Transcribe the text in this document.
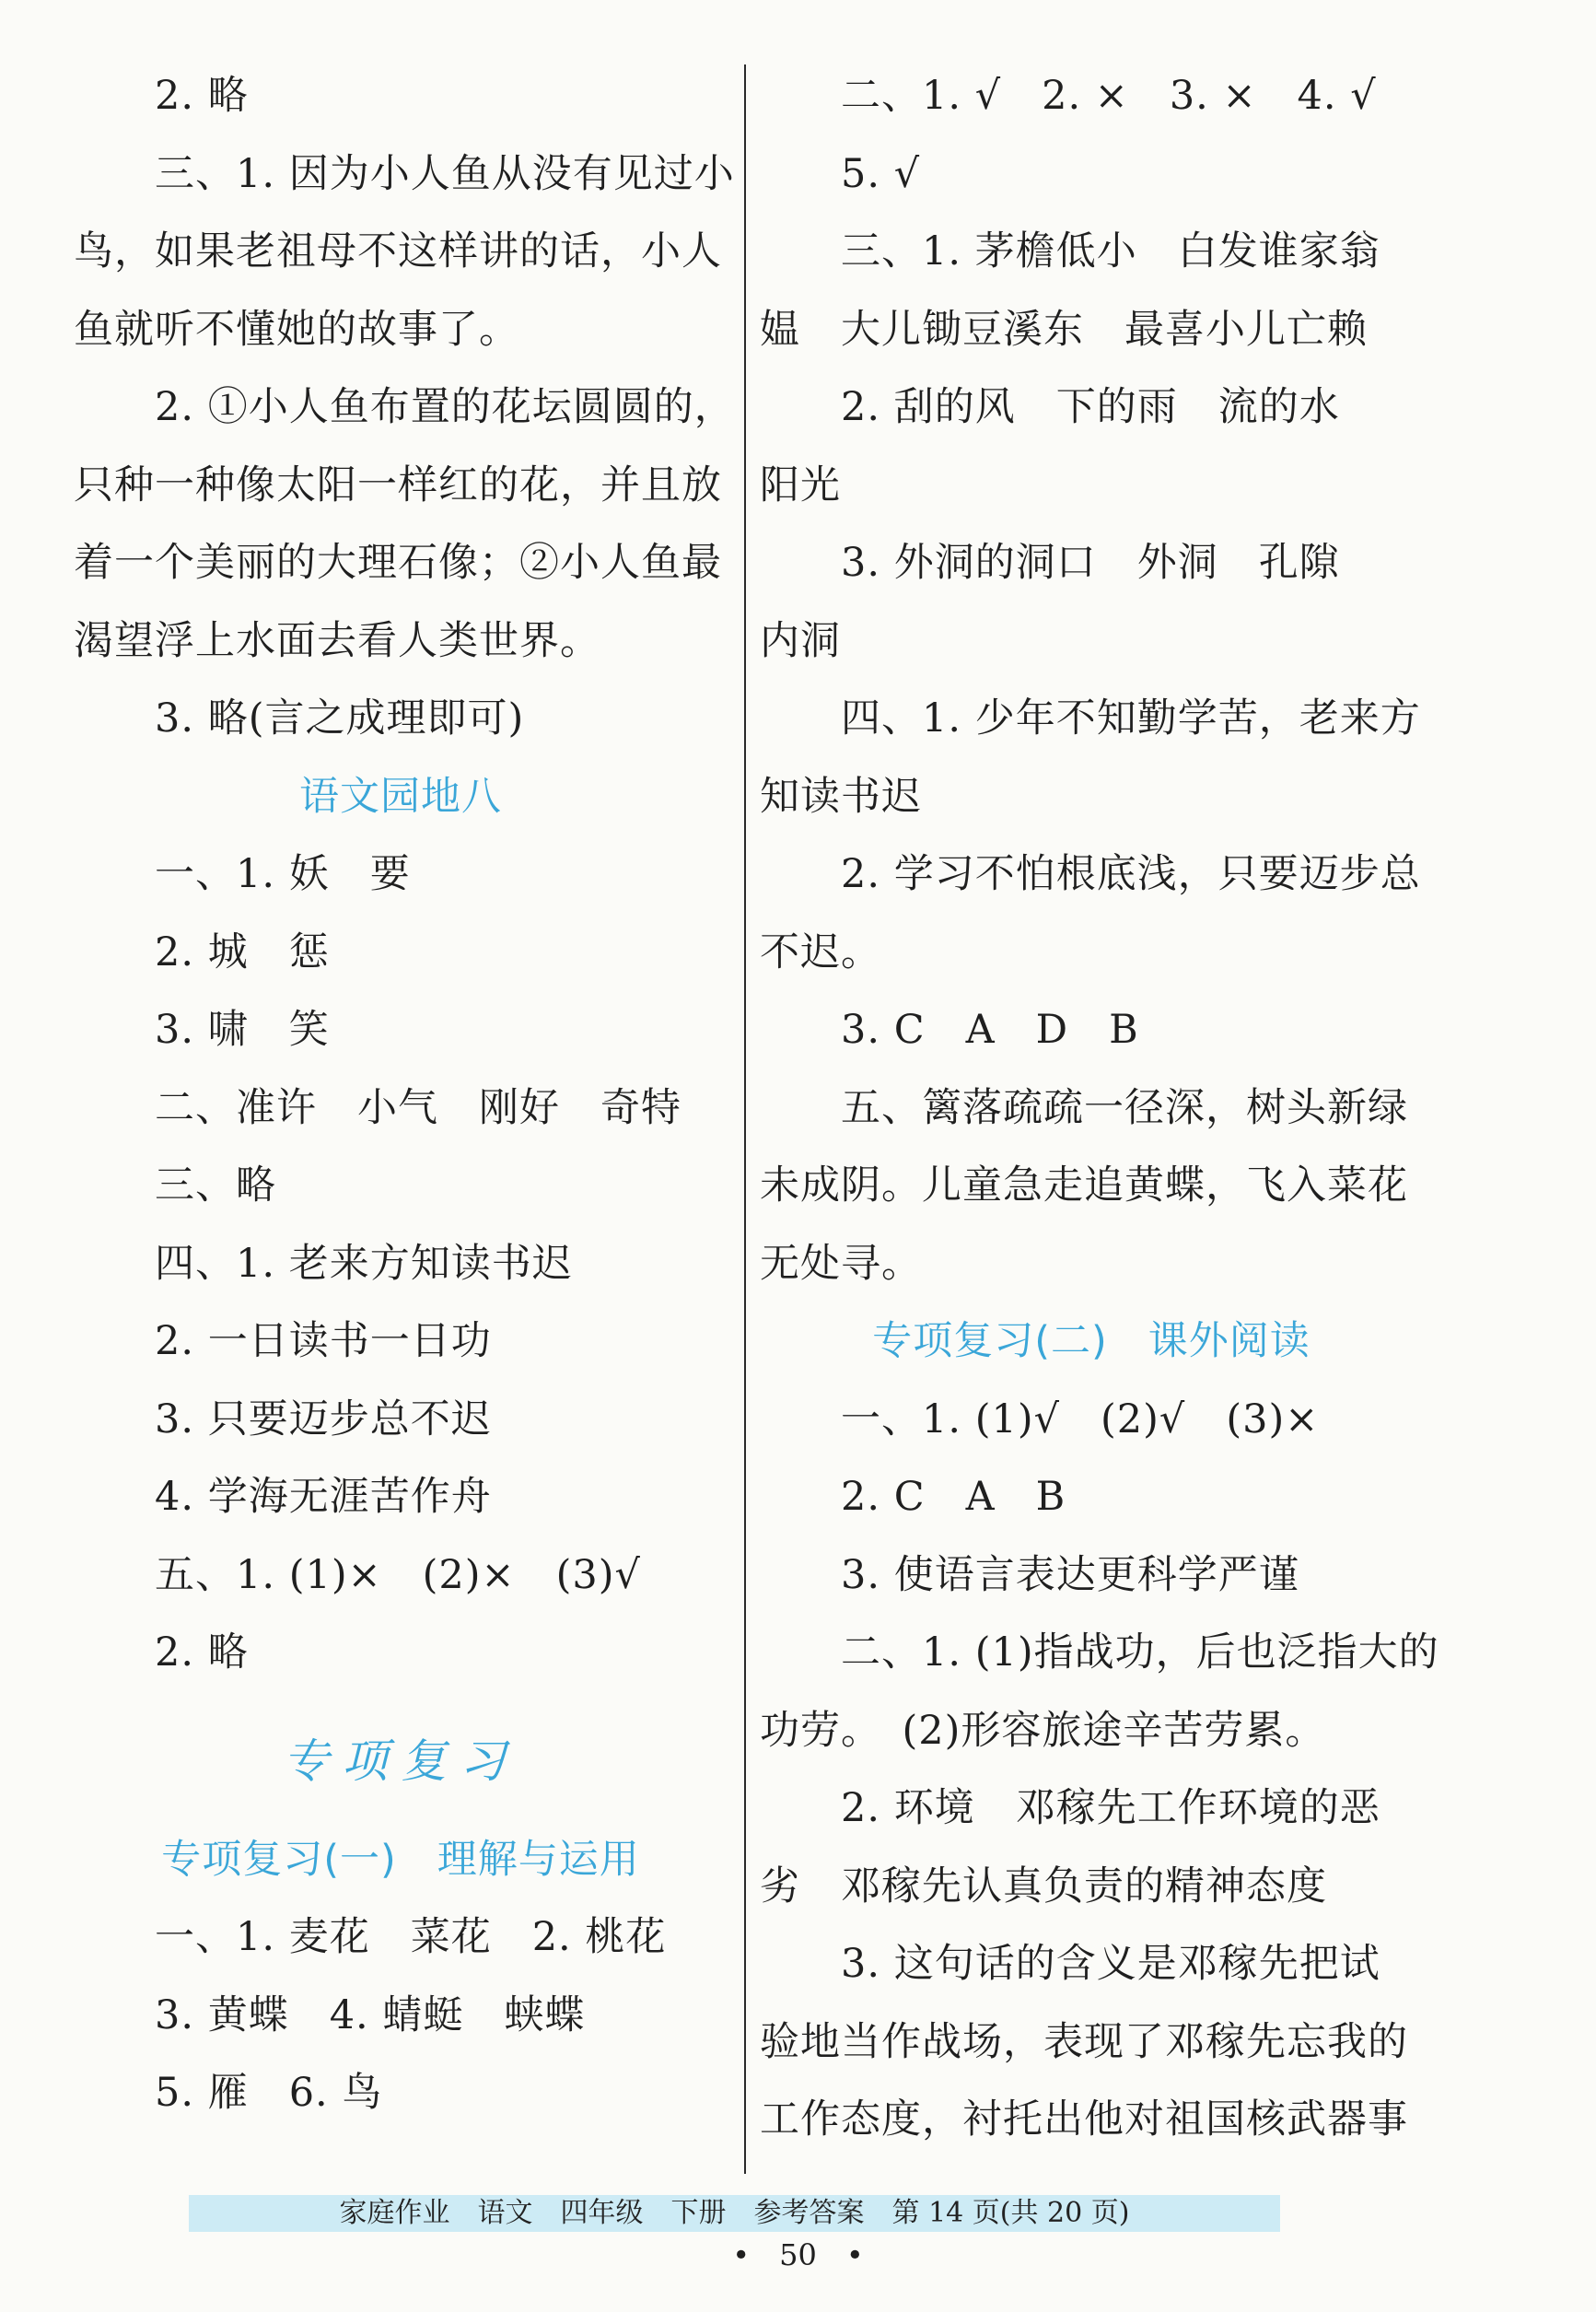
2. 略
三、1. 因为小人鱼从没有见过小
鸟，如果老祖母不这样讲的话，小人
鱼就听不懂她的故事了。
2. ①小人鱼布置的花坛圆圆的，
只种一种像太阳一样红的花，并且放
着一个美丽的大理石像；②小人鱼最
渴望浮上水面去看人类世界。
3. 略(言之成理即可)
语文园地八
一、1. 妖　要
2. 城　惩
3. 啸　笑
二、准许　小气　刚好　奇特
三、略
四、1. 老来方知读书迟
2. 一日读书一日功
3. 只要迈步总不迟
4. 学海无涯苦作舟
五、1. (1)×　(2)×　(3)√
2. 略
专项复习
专项复习(一)　理解与运用
一、1. 麦花　菜花　2. 桃花
3. 黄蝶　4. 蜻蜓　蛱蝶
5. 雁　6. 鸟
二、1. √　2. ×　3. ×　4. √
5. √
三、1. 茅檐低小　白发谁家翁
媪　大儿锄豆溪东　最喜小儿亡赖
2. 刮的风　下的雨　流的水
阳光
3. 外洞的洞口　外洞　孔隙
内洞
四、1. 少年不知勤学苦，老来方
知读书迟
2. 学习不怕根底浅，只要迈步总
不迟。
3. C　A　D　B
五、篱落疏疏一径深，树头新绿
未成阴。儿童急走追黄蝶，飞入菜花
无处寻。
专项复习(二)　课外阅读
一、1. (1)√　(2)√　(3)×
2. C　A　B
3. 使语言表达更科学严谨
二、1. (1)指战功，后也泛指大的
功劳。　(2)形容旅途辛苦劳累。
2. 环境　邓稼先工作环境的恶
劣　邓稼先认真负责的精神态度
3. 这句话的含义是邓稼先把试
验地当作战场，表现了邓稼先忘我的
工作态度，衬托出他对祖国核武器事
家庭作业　语文　四年级　下册　参考答案　第 14 页(共 20 页)
•　50　•
